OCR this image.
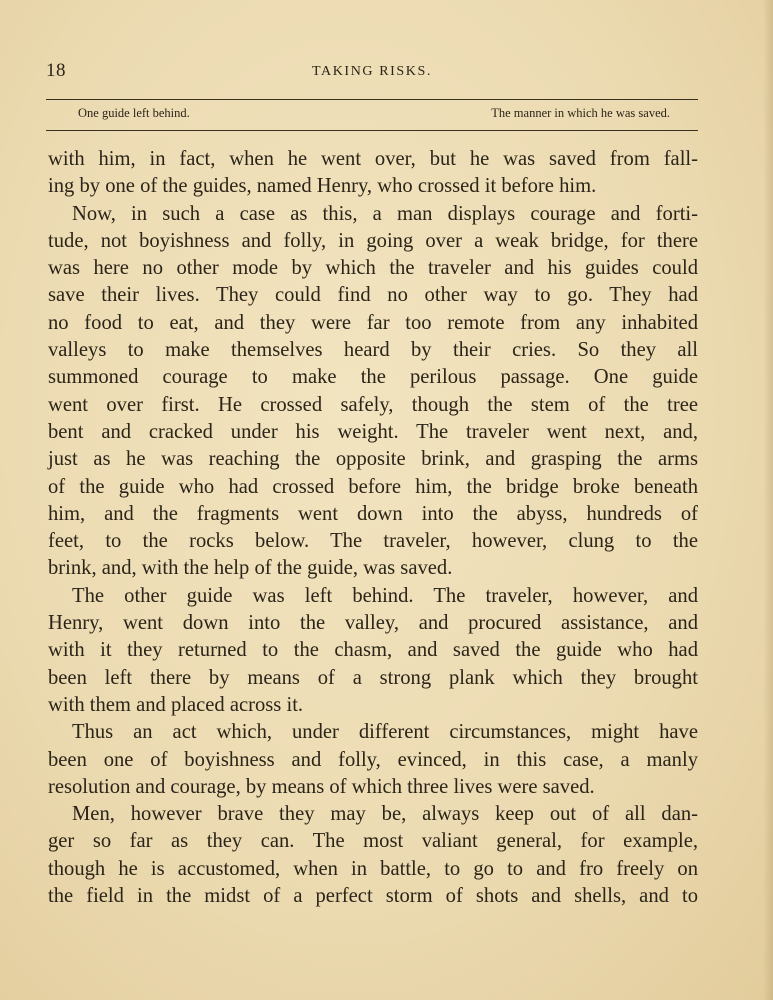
18	TAKING RISKS.
One guide left behind.	The manner in which he was saved.
with him, in fact, when he went over, but he was saved from fall-
ing by one of the guides, named Henry, who crossed it before him.
Now, in such a case as this, a man displays courage and forti-
tude, not boyishness and folly, in going over a weak bridge, for there
was here no other mode by which the traveler and his guides could
save their lives. They could find no other way to go. They had
no food to eat, and they were far too remote from any inhabited
valleys to make themselves heard by their cries. So they all
summoned courage to make the perilous passage. One guide
went over first. He crossed safely, though the stem of the tree
bent and cracked under his weight. The traveler went next, and,
just as he was reaching the opposite brink, and grasping the arms
of the guide who had crossed before him, the bridge broke beneath
him, and the fragments went down into the abyss, hundreds of
feet, to the rocks below. The traveler, however, clung to the
brink, and, with the help of the guide, was saved.
The other guide was left behind. The traveler, however, and
Henry, went down into the valley, and procured assistance, and
with it they returned to the chasm, and saved the guide who had
been left there by means of a strong plank which they brought
with them and placed across it.
Thus an act which, under different circumstances, might have
been one of boyishness and folly, evinced, in this case, a manly
resolution and courage, by means of which three lives were saved.
Men, however brave they may be, always keep out of all dan-
ger so far as they can. The most valiant general, for example,
though he is accustomed, when in battle, to go to and fro freely on
the field in the midst of a perfect storm of shots and shells, and to
